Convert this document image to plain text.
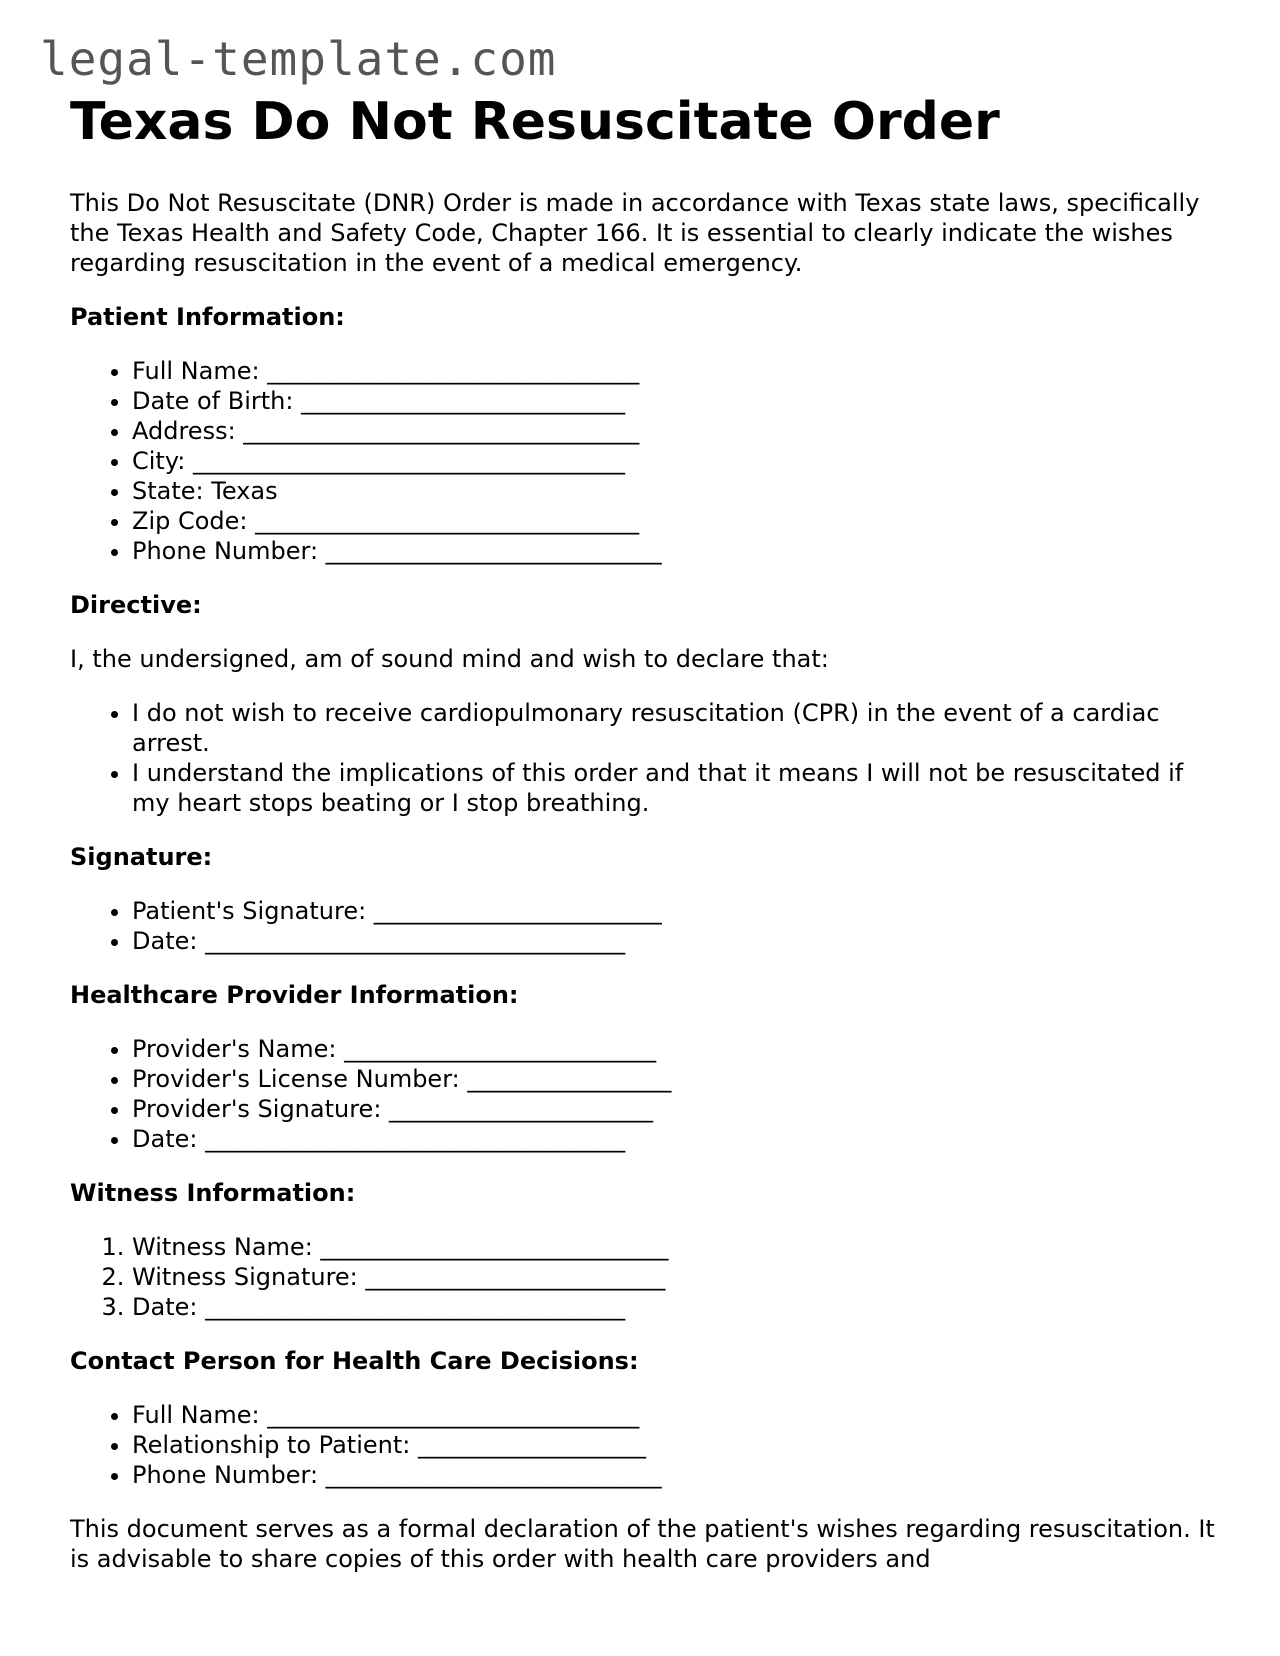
legal-template.com
Texas Do Not Resuscitate Order

This Do Not Resuscitate (DNR) Order is made in accordance with Texas state laws, specifically the Texas Health and Safety Code, Chapter 166. It is essential to clearly indicate the wishes regarding resuscitation in the event of a medical emergency.

Patient Information:
• Full Name: _______________________________
• Date of Birth: ___________________________
• Address: _________________________________
• City: ____________________________________
• State: Texas
• Zip Code: ________________________________
• Phone Number: ____________________________
Directive:

I, the undersigned, am of sound mind and wish to declare that:

• I do not wish to receive cardiopulmonary resuscitation (CPR) in the event of a cardiac arrest.
• I understand the implications of this order and that it means I will not be resuscitated if my heart stops beating or I stop breathing.
Signature:
• Patient's Signature: ________________________
• Date: ___________________________________
Healthcare Provider Information:
• Provider's Name: __________________________
• Provider's License Number: _________________
• Provider's Signature: ______________________
• Date: ___________________________________
Witness Information:
1. Witness Name: _____________________________
2. Witness Signature: _________________________
3. Date: ___________________________________
Contact Person for Health Care Decisions:
• Full Name: _______________________________
• Relationship to Patient: ___________________
• Phone Number: ____________________________

This document serves as a formal declaration of the patient's wishes regarding resuscitation. It is advisable to share copies of this order with health care providers and
